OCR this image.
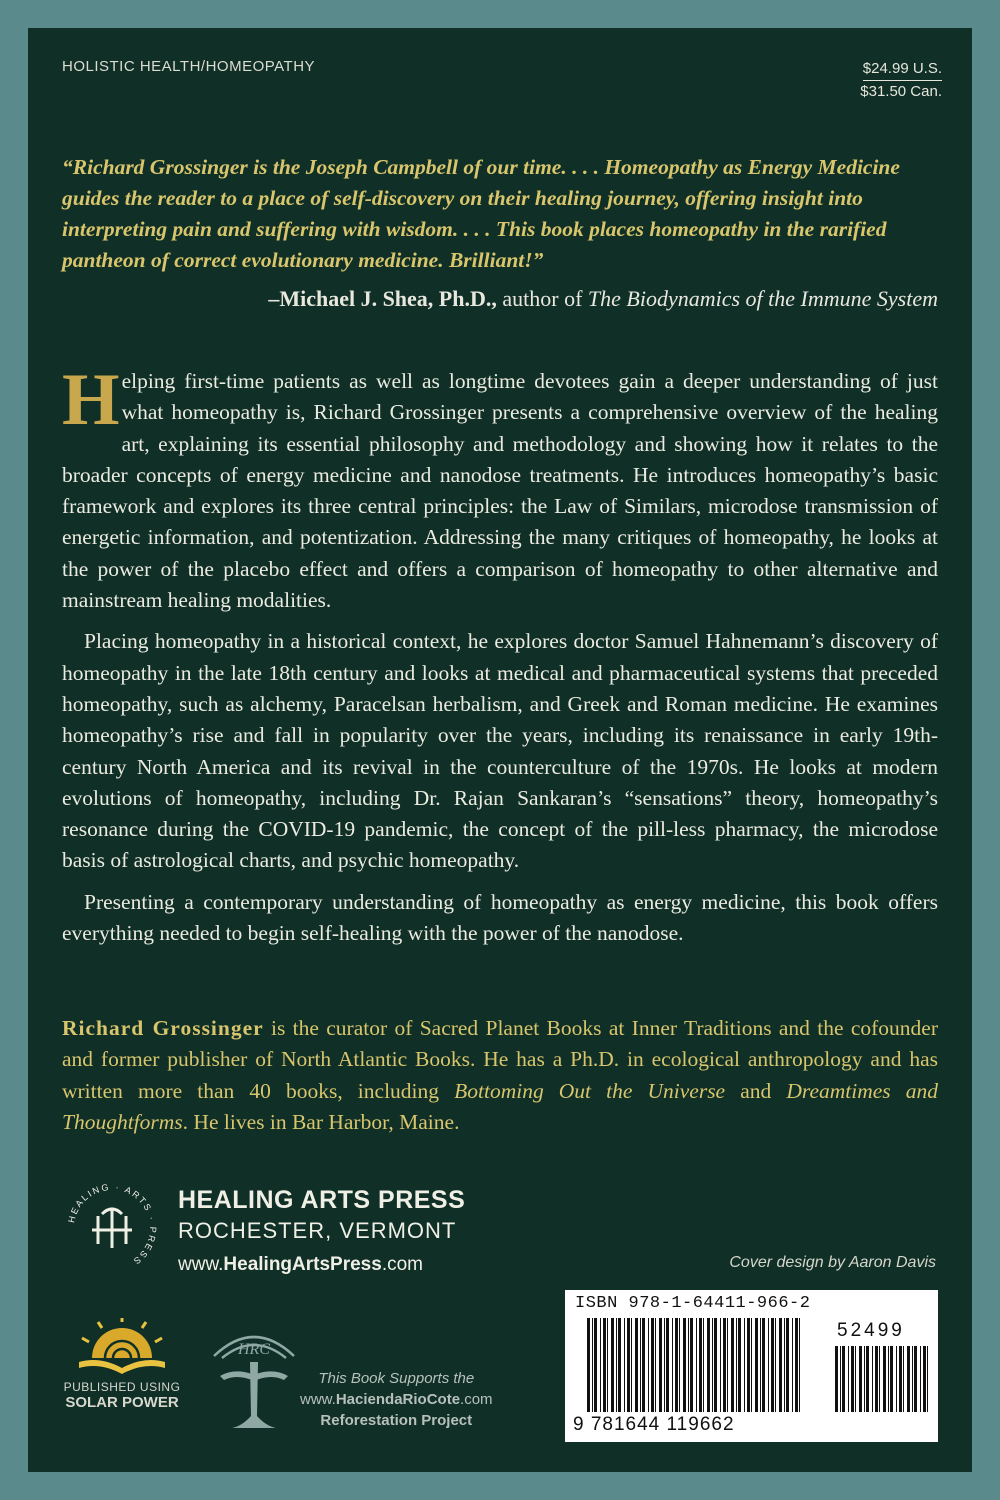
HOLISTIC HEALTH/HOMEOPATHY	$24.99 U.S.
$31.50 Can.
“Richard Grossinger is the Joseph Campbell of our time. . . . Homeopathy as Energy Medicine guides the reader to a place of self-discovery on their healing journey, offering insight into interpreting pain and suffering with wisdom. . . . This book places homeopathy in the rarified pantheon of correct evolutionary medicine. Brilliant!”
–Michael J. Shea, Ph.D., author of The Biodynamics of the Immune System

Helping first-time patients as well as longtime devotees gain a deeper understanding of just what homeopathy is, Richard Grossinger presents a comprehensive overview of the healing art, explaining its essential philosophy and methodology and showing how it relates to the broader concepts of energy medicine and nanodose treatments. He introduces homeopathy’s basic framework and explores its three central principles: the Law of Similars, microdose transmission of energetic information, and potentization. Addressing the many critiques of homeopathy, he looks at the power of the placebo effect and offers a comparison of homeopathy to other alternative and mainstream healing modalities.

Placing homeopathy in a historical context, he explores doctor Samuel Hahnemann’s discovery of homeopathy in the late 18th century and looks at medical and pharmaceutical systems that preceded homeopathy, such as alchemy, Paracelsan herbalism, and Greek and Roman medicine. He examines homeopathy’s rise and fall in popularity over the years, including its renaissance in early 19th-century North America and its revival in the counterculture of the 1970s. He looks at modern evolutions of homeopathy, including Dr. Rajan Sankaran’s “sensations” theory, homeopathy’s resonance during the COVID-19 pandemic, the concept of the pill-less pharmacy, the microdose basis of astrological charts, and psychic homeopathy.

Presenting a contemporary understanding of homeopathy as energy medicine, this book offers everything needed to begin self-healing with the power of the nanodose.

Richard Grossinger is the curator of Sacred Planet Books at Inner Traditions and the cofounder and former publisher of North Atlantic Books. He has a Ph.D. in ecological anthropology and has written more than 40 books, including Bottoming Out the Universe and Dreamtimes and Thoughtforms. He lives in Bar Harbor, Maine.
HEALING · ARTS · PRESS
HEALING ARTS PRESS
ROCHESTER, VERMONT
www.HealingArtsPress.com	Cover design by Aaron Davis
ISBN 978-1-64411-966-2
52499
9 781644 119662
PUBLISHED USING
SOLAR POWER
HRC
This Book Supports the
www.HaciendaRioCote.com
Reforestation Project
